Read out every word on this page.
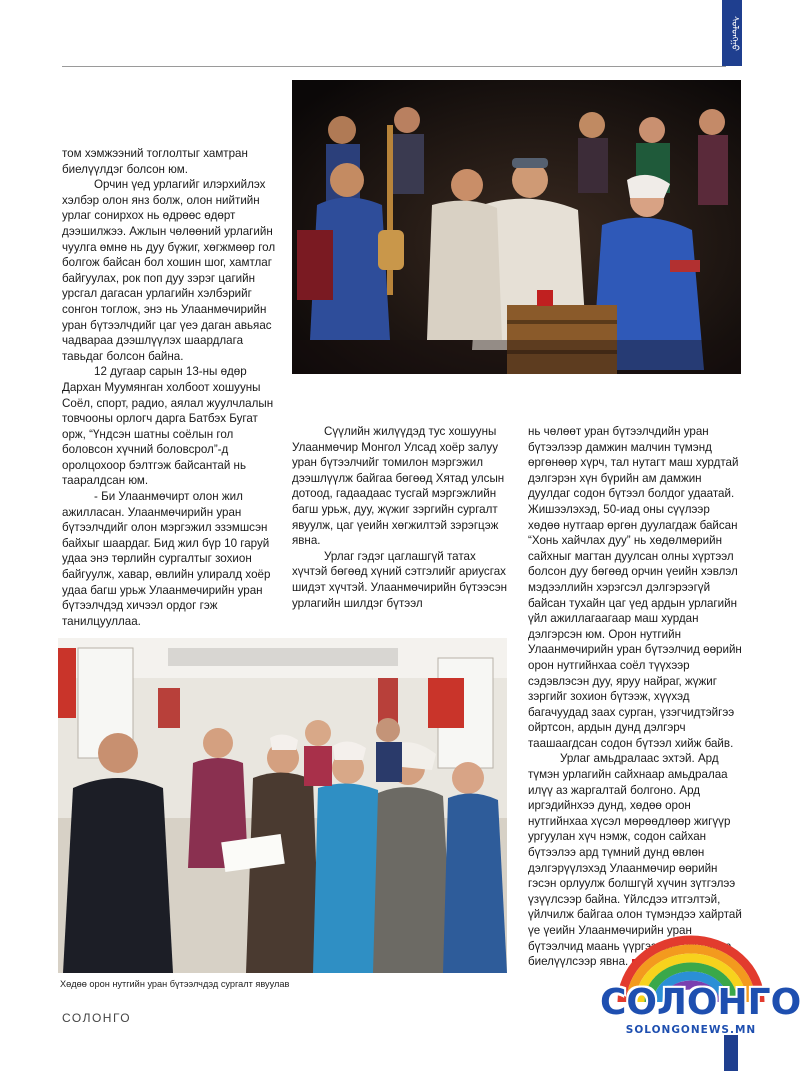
ᠰᠣᠯᠣᠩᠭᠣ

том хэмжээний тоглолтыг хамтран биелүүлдэг болсон юм.

Орчин үед урлагийг илэрхийлэх хэлбэр олон янз болж, олон нийтийн урлаг сонирхох нь өдрөөс өдөрт дээшилжээ. Ажлын чөлөөний урлагийн чуулга өмнө нь дуу бүжиг, хөгжмөөр гол болгож байсан бол хошин шог, хамтлаг байгуулах, рок поп дуу зэрэг цагийн урсгал дагасан урлагийн хэлбэрийг сонгон тоглож, энэ нь Улаанмөчирийн уран бүтээлчдийг цаг үеэ даган авьяас чадвараа дээшлүүлэх шаардлага тавьдаг болсон байна.

12 дугаар сарын 13-ны өдөр Дархан Муумянган холбоот хошууны Соёл, спорт, радио, аялал жуулчлалын товчооны орлогч дарга Батбэх Бугат орж, “Үндсэн шатны соёлын гол боловсон хүчний боловсрол”-д оролцохоор бэлтгэж байсантай нь таарaлдсан юм.

- Би Улаанмөчирт олон жил ажилласан. Улаанмөчирийн уран бүтээлчдийг олон мэргэжил эзэмшсэн байхыг шаардаг. Бид жил бүр 10 гаруй удаа энэ төрлийн сургалтыг зохион байгуулж, хавар, өвлийн улиралд хоёр удаа багш урьж Улаанмөчирийн уран бүтээлчдэд хичээл ордог гэж танилцууллаа.

Сүүлийн жилүүдэд тус хошууны Улаанмөчир Монгол Улсад хоёр залуу уран бүтээлчийг томилон мэргэжил дээшлүүлж байгаа бөгөөд Хятад улсын дотоод, гадаадаас тусгай мэргэжлийн багш урьж, дуу, жүжиг зэргийн сургалт явуулж, цаг үеийн хөгжилтэй зэрэгцэж явна.

Урлаг гэдэг цаглашгүй татах хүчтэй бөгөөд хүний сэтгэлийг ариусгах шидэт хүчтэй. Улаанмөчирийн бүтээсэн урлагийн шилдэг бүтээл

нь чөлөөт уран бүтээлчдийн уран бүтээлээр дамжин малчин түмэнд өргөнөөр хүрч, тал нутагт маш хурдтай дэлгэрэн хүн бүрийн ам дамжин дуулдаг содон бүтээл болдог удаатай. Жишээлэхэд, 50-иад оны сүүлээр хөдөө нутгаар өргөн дуулагдаж байсан “Хонь хайчлах дуу” нь хөдөлмөрийн сайхныг магтан дуулсан олны хүртээл болсон дуу бөгөөд орчин үеийн хэвлэл мэдээллийн хэрэгсэл дэлгэрээгүй байсан тухайн цаг үед ардын урлагийн үйл ажиллагаагаар маш хурдан дэлгэрсэн юм. Орон нутгийн Улаанмөчирийн уран бүтээлчид өөрийн орон нутгийнхаа соёл түүхээр сэдэвлэсэн дуу, яруу найраг, жүжиг зэргийг зохион бүтээж, хүүхэд багачуудад заах сурган, үзэгчидтэйгээ ойртсон, ардын дунд дэлгэрч таашаагдсан содон бүтээл хийж байв.

Урлаг амьдралаас эхтэй. Ард түмэн урлагийн сайхнаар амьдралаа илүү аз жаргалтай болгоно. Ард иргэдийнхээ дунд, хөдөө орон нутгийнхаа хүсэл мөрөөдлөөр жигүүр ургуулан хүч нэмж, содон сайхан бүтээлээ ард түмний дунд өвлөн дэлгэрүүлэхэд Улаанмөчир өөрийн гэсэн орлуулж болшгүй хүчин зүтгэлээ үзүүлсээр байна. Үйлсдээ итгэлтэй, үйлчилж байгаа олон түмэндээ хайртай үе үеийн Улаанмөчирийн уран бүтээлчид маань үүргээ чин үнэнчээр биелүүлсээр явна.

Хөдөө орон нутгийн уран бүтээлчдэд сургалт явуулав
СОЛОНГО	СОЛОНГО
SOLONGONEWS.MN
